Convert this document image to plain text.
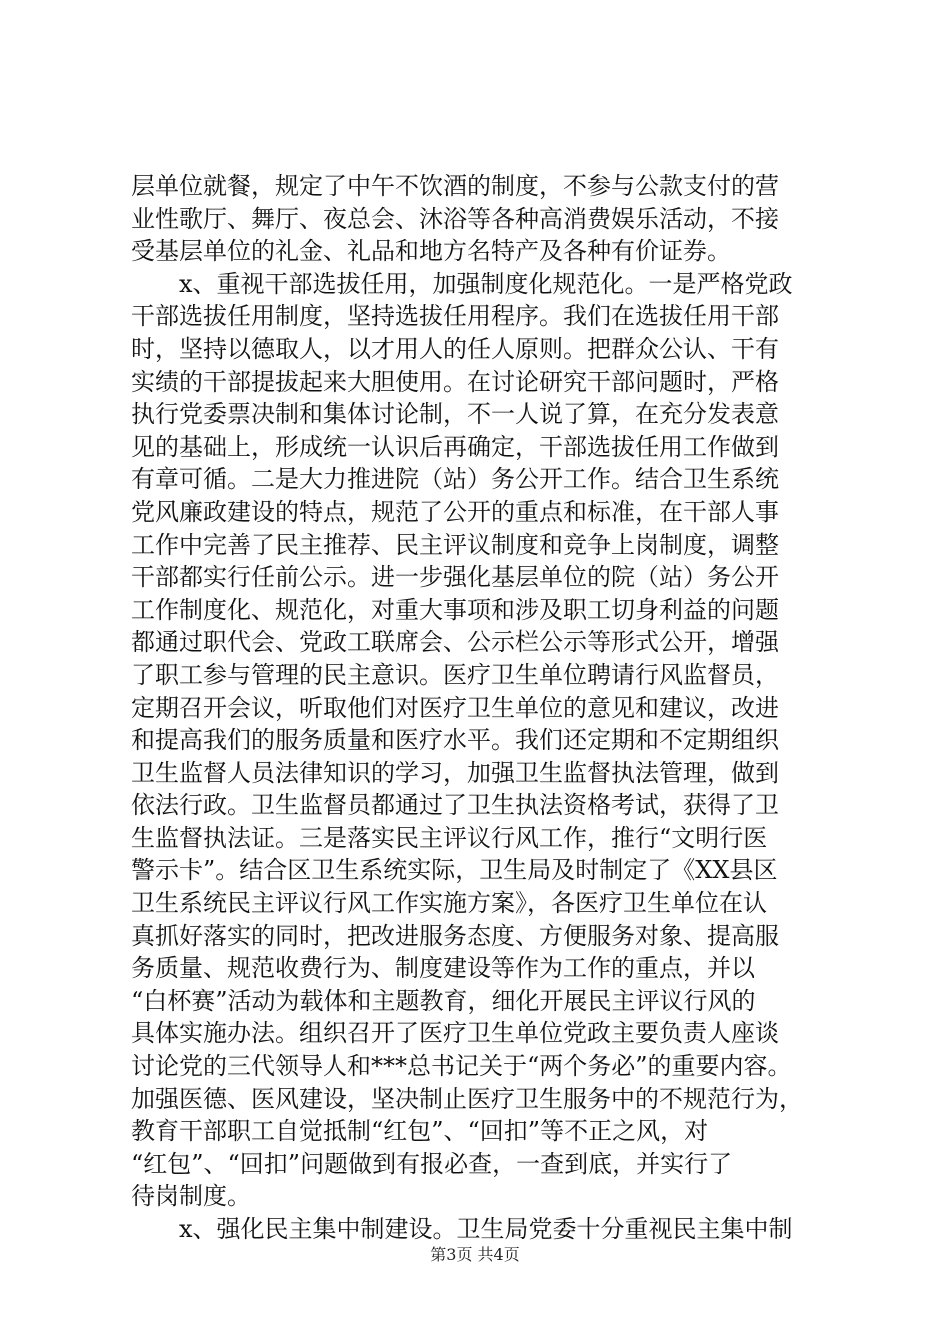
层单位就餐，规定了中午不饮酒的制度，不参与公款支付的营
业性歌厅、舞厅、夜总会、沐浴等各种高消费娱乐活动，不接
受基层单位的礼金、礼品和地方名特产及各种有价证券。
x、重视干部选拔任用，加强制度化规范化。一是严格党政
干部选拔任用制度，坚持选拔任用程序。我们在选拔任用干部
时，坚持以德取人，以才用人的任人原则。把群众公认、干有
实绩的干部提拔起来大胆使用。在讨论研究干部问题时，严格
执行党委票决制和集体讨论制，不一人说了算，在充分发表意
见的基础上，形成统一认识后再确定，干部选拔任用工作做到
有章可循。二是大力推进院（站）务公开工作。结合卫生系统
党风廉政建设的特点，规范了公开的重点和标准，在干部人事
工作中完善了民主推荐、民主评议制度和竞争上岗制度，调整
干部都实行任前公示。进一步强化基层单位的院（站）务公开
工作制度化、规范化，对重大事项和涉及职工切身利益的问题
都通过职代会、党政工联席会、公示栏公示等形式公开，增强
了职工参与管理的民主意识。医疗卫生单位聘请行风监督员，
定期召开会议，听取他们对医疗卫生单位的意见和建议，改进
和提高我们的服务质量和医疗水平。我们还定期和不定期组织
卫生监督人员法律知识的学习，加强卫生监督执法管理，做到
依法行政。卫生监督员都通过了卫生执法资格考试，获得了卫
生监督执法证。三是落实民主评议行风工作，推行“文明行医
警示卡”。结合区卫生系统实际，卫生局及时制定了《XX县区
卫生系统民主评议行风工作实施方案》，各医疗卫生单位在认
真抓好落实的同时，把改进服务态度、方便服务对象、提高服
务质量、规范收费行为、制度建设等作为工作的重点，并以
“白杯赛”活动为载体和主题教育，细化开展民主评议行风的
具体实施办法。组织召开了医疗卫生单位党政主要负责人座谈
讨论党的三代领导人和***总书记关于“两个务必”的重要内容。
加强医德、医风建设，坚决制止医疗卫生服务中的不规范行为，
教育干部职工自觉抵制“红包”、“回扣”等不正之风，对
“红包”、“回扣”问题做到有报必查，一查到底，并实行了
待岗制度。
x、强化民主集中制建设。卫生局党委十分重视民主集中制
第3页 共4页
